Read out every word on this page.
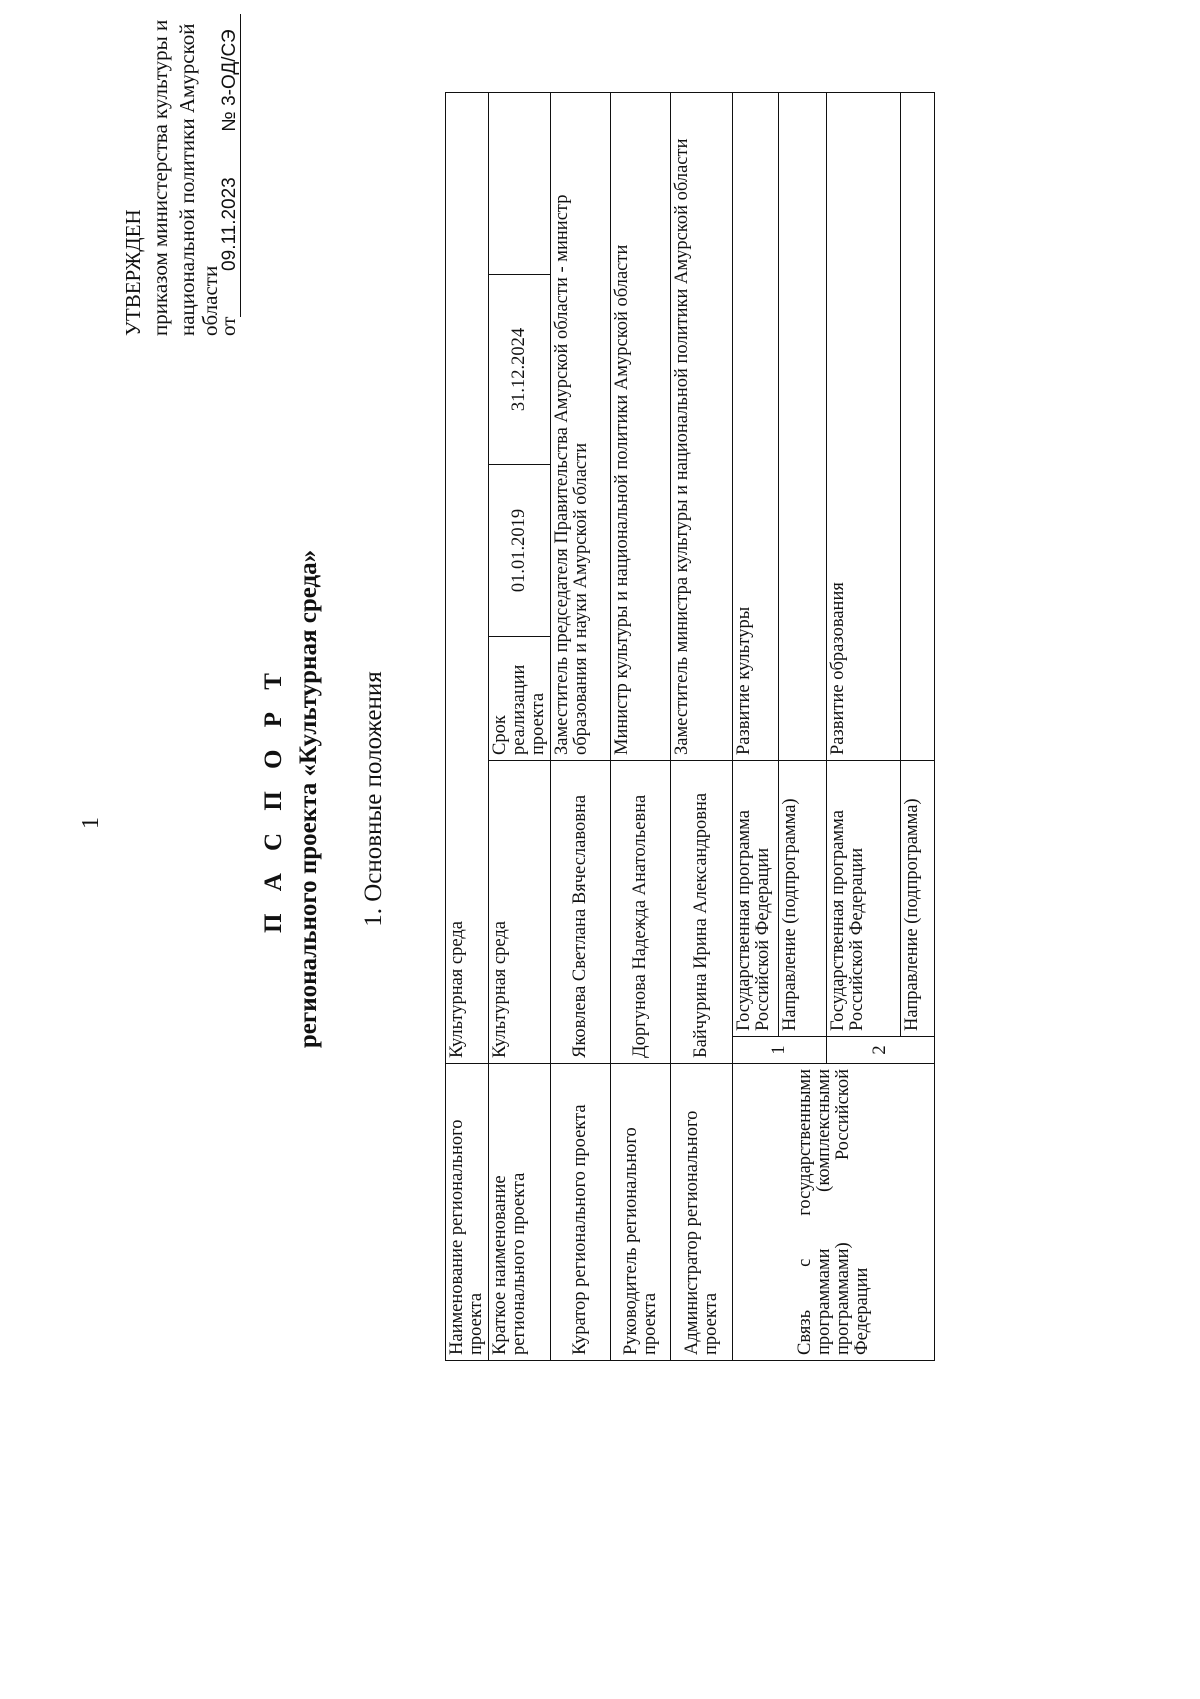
1
УТВЕРЖДЕН приказом министерства культуры и национальной политики Амурской области
от09.11.2023№ 3-ОД/СЭ
П А С П О Р Т регионального проекта «Культурная среда» 1. Основные положения
Наименование регионального проекта	Культурная среда					
Краткое наименование регионального проекта	Культурная среда		Срок реализации проекта	01.01.2019	31.12.2024	
Куратор регионального проекта	Яковлева Светлана Вячеславовна		Заместитель председателя Правительства Амурской области - министр образования и науки Амурской области			
Руководитель регионального проекта	Доргунова Надежда Анатольевна		Министр культуры и национальной политики Амурской области			
Администратор регионального проекта	Байчурина Ирина Александровна		Заместитель министра культуры и национальной политики Амурской области			
Связь с государственными программами (комплексными программами) Российской Федерации	1	Государственная программа Российской Федерации	Развитие культуры			
		Направление (подпрограмма)				
	2	Государственная программа Российской Федерации	Развитие образования			
		Направление (подпрограмма)				
